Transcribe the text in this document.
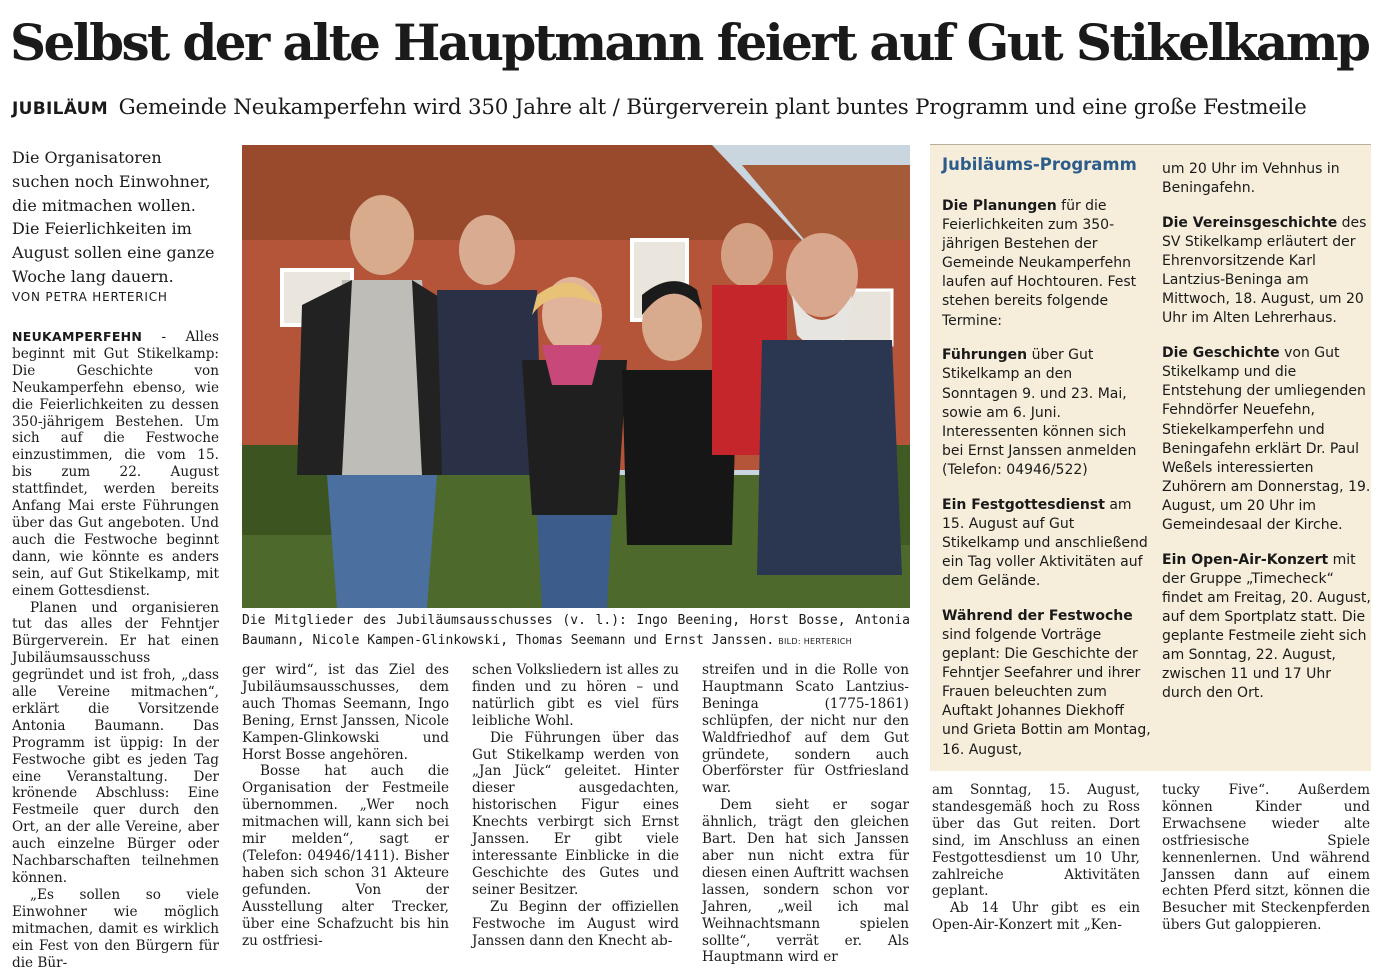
Selbst der alte Hauptmann feiert auf Gut Stikelkamp
JUBILÄUM Gemeinde Neukamperfehn wird 350 Jahre alt / Bürgerverein plant buntes Programm und eine große Festmeile

Die Organisatoren suchen noch Einwohner, die mitmachen wollen. Die Feierlichkeiten im August sollen eine ganze Woche lang dauern.

VON PETRA HERTERICH

NEUKAMPERFEHN - Alles beginnt mit Gut Stikelkamp: Die Geschichte von Neukamperfehn ebenso, wie die Feierlichkeiten zu dessen 350-jährigem Bestehen. Um sich auf die Festwoche einzustimmen, die vom 15. bis zum 22. August stattfindet, werden bereits Anfang Mai erste Führungen über das Gut angeboten. Und auch die Festwoche beginnt dann, wie könnte es anders sein, auf Gut Stikelkamp, mit einem Gottesdienst.

Planen und organisieren tut das alles der Fehntjer Bürgerverein. Er hat einen Jubiläumsausschuss gegründet und ist froh, „dass alle Vereine mitmachen“, erklärt die Vorsitzende Antonia Baumann. Das Programm ist üppig: In der Festwoche gibt es jeden Tag eine Veranstaltung. Der krönende Abschluss: Eine Festmeile quer durch den Ort, an der alle Vereine, aber auch einzelne Bürger oder Nachbarschaften teilnehmen können.

„Es sollen so viele Einwohner wie möglich mitmachen, damit es wirklich ein Fest von den Bürgern für die Bür-

Die Mitglieder des Jubiläumsausschusses (v. l.): Ingo Beening, Horst Bosse, Antonia Baumann, Nicole Kampen-Glinkowski, Thomas Seemann und Ernst Janssen. BILD: HERTERICH

ger wird“, ist das Ziel des Jubiläumsausschusses, dem auch Thomas Seemann, Ingo Bening, Ernst Janssen, Nicole Kampen-Glinkowski und Horst Bosse angehören.

Bosse hat auch die Organisation der Festmeile übernommen. „Wer noch mitmachen will, kann sich bei mir melden“, sagt er (Telefon: 04946/1411). Bisher haben sich schon 31 Akteure gefunden. Von der Ausstellung alter Trecker, über eine Schafzucht bis hin zu ostfriesi-

schen Volksliedern ist alles zu finden und zu hören – und natürlich gibt es viel fürs leibliche Wohl.

Die Führungen über das Gut Stikelkamp werden von „Jan Jück“ geleitet. Hinter dieser ausgedachten, historischen Figur eines Knechts verbirgt sich Ernst Janssen. Er gibt viele interessante Einblicke in die Geschichte des Gutes und seiner Besitzer.

Zu Beginn der offiziellen Festwoche im August wird Janssen dann den Knecht ab-

streifen und in die Rolle von Hauptmann Scato Lantzius-Beninga (1775-1861) schlüpfen, der nicht nur den Waldfriedhof auf dem Gut gründete, sondern auch Oberförster für Ostfriesland war.

Dem sieht er sogar ähnlich, trägt den gleichen Bart. Den hat sich Janssen aber nun nicht extra für diesen einen Auftritt wachsen lassen, sondern schon vor Jahren, „weil ich mal Weihnachtsmann spielen sollte“, verrät er. Als Hauptmann wird er

Jubiläums-Programm

Die Planungen für die Feierlichkeiten zum 350-jährigen Bestehen der Gemeinde Neukamperfehn laufen auf Hochtouren. Fest stehen bereits folgende Termine:

Führungen über Gut Stikelkamp an den Sonntagen 9. und 23. Mai, sowie am 6. Juni. Interessenten können sich bei Ernst Janssen anmelden (Telefon: 04946/522)

Ein Festgottesdienst am 15. August auf Gut Stikelkamp und anschließend ein Tag voller Aktivitäten auf dem Gelände.

Während der Festwoche sind folgende Vorträge geplant: Die Geschichte der Fehntjer Seefahrer und ihrer Frauen beleuchten zum Auftakt Johannes Diekhoff und Grieta Bottin am Montag, 16. August,

um 20 Uhr im Vehnhus in Beningafehn.

Die Vereinsgeschichte des SV Stikelkamp erläutert der Ehrenvorsitzende Karl Lantzius-Beninga am Mittwoch, 18. August, um 20 Uhr im Alten Lehrerhaus.

Die Geschichte von Gut Stikelkamp und die Entstehung der umliegenden Fehndörfer Neuefehn, Stiekelkamperfehn und Beningafehn erklärt Dr. Paul Weßels interessierten Zuhörern am Donnerstag, 19. August, um 20 Uhr im Gemeindesaal der Kirche.

Ein Open-Air-Konzert mit der Gruppe „Timecheck“ findet am Freitag, 20. August, auf dem Sportplatz statt. Die geplante Festmeile zieht sich am Sonntag, 22. August, zwischen 11 und 17 Uhr durch den Ort.

am Sonntag, 15. August, standesgemäß hoch zu Ross über das Gut reiten. Dort sind, im Anschluss an einen Festgottesdienst um 10 Uhr, zahlreiche Aktivitäten geplant.

Ab 14 Uhr gibt es ein Open-Air-Konzert mit „Ken-

tucky Five“. Außerdem können Kinder und Erwachsene wieder alte ostfriesische Spiele kennenlernen. Und während Janssen dann auf einem echten Pferd sitzt, können die Besucher mit Steckenpferden übers Gut galoppieren.
